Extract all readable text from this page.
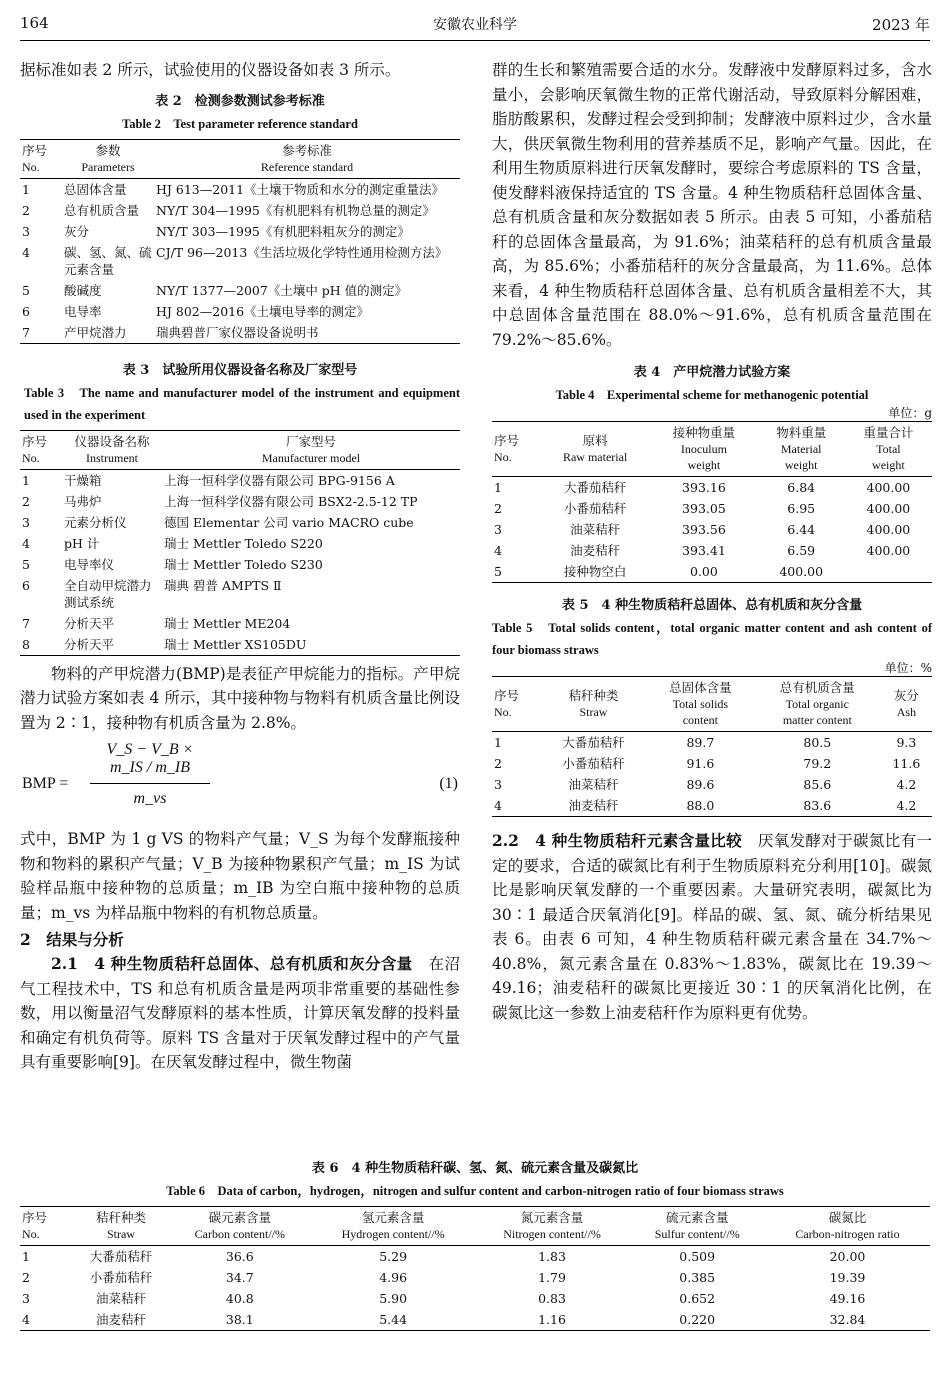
164	安徽农业科学	2023 年

据标准如表 2 所示，试验使用的仪器设备如表 3 所示。

表 2　检测参数测试参考标准
Table 2　Test parameter reference standard
序号
No.	参数
Parameters	参考标准
Reference standard
1	总固体含量	HJ 613—2011《土壤干物质和水分的测定重量法》
2	总有机质含量	NY/T 304—1995《有机肥料有机物总量的测定》
3	灰分	NY/T 303—1995《有机肥料粗灰分的测定》
4	碳、氢、氮、硫元素含量	CJ/T 96—2013《生活垃圾化学特性通用检测方法》
5	酸碱度	NY/T 1377—2007《土壤中 pH 值的测定》
6	电导率	HJ 802—2016《土壤电导率的测定》
7	产甲烷潜力	瑞典碧普厂家仪器设备说明书
表 3　试验所用仪器设备名称及厂家型号
Table 3　The name and manufacturer model of the instrument and equipment used in the experiment
序号
No.	仪器设备名称
Instrument	厂家型号
Manufacturer model
1	干燥箱	上海一恒科学仪器有限公司 BPG-9156 A
2	马弗炉	上海一恒科学仪器有限公司 BSX2-2.5-12 TP
3	元素分析仪	德国 Elementar 公司 vario MACRO cube
4	pH 计	瑞士 Mettler Toledo S220
5	电导率仪	瑞士 Mettler Toledo S230
6	全自动甲烷潜力测试系统	瑞典 碧普 AMPTS Ⅱ
7	分析天平	瑞士 Mettler ME204
8	分析天平	瑞士 Mettler XS105DU

物料的产甲烷潜力(BMP)是表征产甲烷能力的指标。产甲烷潜力试验方案如表 4 所示，其中接种物与物料有机质含量比例设置为 2∶1，接种物有机质含量为 2.8%。

BMP = $\frac{V\_S - V\_B \times m\_IS / m\_IB}{m\_vs}$	(1)

式中，BMP 为 1 g VS 的物料产气量；V_S 为每个发酵瓶接种物和物料的累积产气量；V_B 为接种物累积产气量；m_IS 为试验样品瓶中接种物的总质量；m_IB 为空白瓶中接种物的总质量；m_vs 为样品瓶中物料的有机物总质量。

2　结果与分析

2.1　4 种生物质秸秆总固体、总有机质和灰分含量　 在沼气工程技术中，TS 和总有机质含量是两项非常重要的基础性参数，用以衡量沼气发酵原料的基本性质，计算厌氧发酵的投料量和确定有机负荷等。原料 TS 含量对于厌氧发酵过程中的产气量具有重要影响[9]。在厌氧发酵过程中，微生物菌

群的生长和繁殖需要合适的水分。发酵液中发酵原料过多，含水量小，会影响厌氧微生物的正常代谢活动，导致原料分解困难，脂肪酸累积，发酵过程会受到抑制；发酵液中原料过少，含水量大，供厌氧微生物利用的营养基质不足，影响产气量。因此，在利用生物质原料进行厌氧发酵时，要综合考虑原料的 TS 含量，使发酵料液保持适宜的 TS 含量。4 种生物质秸秆总固体含量、总有机质含量和灰分数据如表 5 所示。由表 5 可知，小番茄秸秆的总固体含量最高，为 91.6%；油菜秸秆的总有机质含量最高，为 85.6%；小番茄秸秆的灰分含量最高，为 11.6%。总体来看，4 种生物质秸秆总固体含量、总有机质含量相差不大，其中总固体含量范围在 88.0%～91.6%，总有机质含量范围在 79.2%～85.6%。

表 4　产甲烷潜力试验方案
Table 4　Experimental scheme for methanogenic potential
单位：g
序号
No.	原料
Raw material	接种物重量
Inoculum
weight	物料重量
Material
weight	重量合计
Total
weight
1	大番茄秸秆	393.16	6.84	400.00
2	小番茄秸秆	393.05	6.95	400.00
3	油菜秸秆	393.56	6.44	400.00
4	油麦秸秆	393.41	6.59	400.00
5	接种物空白	0.00	400.00	
表 5　4 种生物质秸秆总固体、总有机质和灰分含量
Table 5　Total solids content，total organic matter content and ash content of four biomass straws
单位：%
序号
No.	秸秆种类
Straw	总固体含量
Total solids
content	总有机质含量
Total organic
matter content	灰分
Ash
1	大番茄秸秆	89.7	80.5	9.3
2	小番茄秸秆	91.6	79.2	11.6
3	油菜秸秆	89.6	85.6	4.2
4	油麦秸秆	88.0	83.6	4.2

2.2　4 种生物质秸秆元素含量比较　 厌氧发酵对于碳氮比有一定的要求，合适的碳氮比有利于生物质原料充分利用[10]。碳氮比是影响厌氧发酵的一个重要因素。大量研究表明，碳氮比为 30∶1 最适合厌氧消化[9]。样品的碳、氢、氮、硫分析结果见表 6。由表 6 可知，4 种生物质秸秆碳元素含量在 34.7%～40.8%，氮元素含量在 0.83%～1.83%，碳氮比在 19.39～49.16；油麦秸秆的碳氮比更接近 30∶1 的厌氧消化比例，在碳氮比这一参数上油麦秸秆作为原料更有优势。

表 6　4 种生物质秸秆碳、氢、氮、硫元素含量及碳氮比
Table 6　Data of carbon，hydrogen，nitrogen and sulfur content and carbon-nitrogen ratio of four biomass straws
序号
No.	秸秆种类
Straw	碳元素含量
Carbon content//%	氢元素含量
Hydrogen content//%	氮元素含量
Nitrogen content//%	硫元素含量
Sulfur content//%	碳氮比
Carbon-nitrogen ratio
1	大番茄秸秆	36.6	5.29	1.83	0.509	20.00
2	小番茄秸秆	34.7	4.96	1.79	0.385	19.39
3	油菜秸秆	40.8	5.90	0.83	0.652	49.16
4	油麦秸秆	38.1	5.44	1.16	0.220	32.84
